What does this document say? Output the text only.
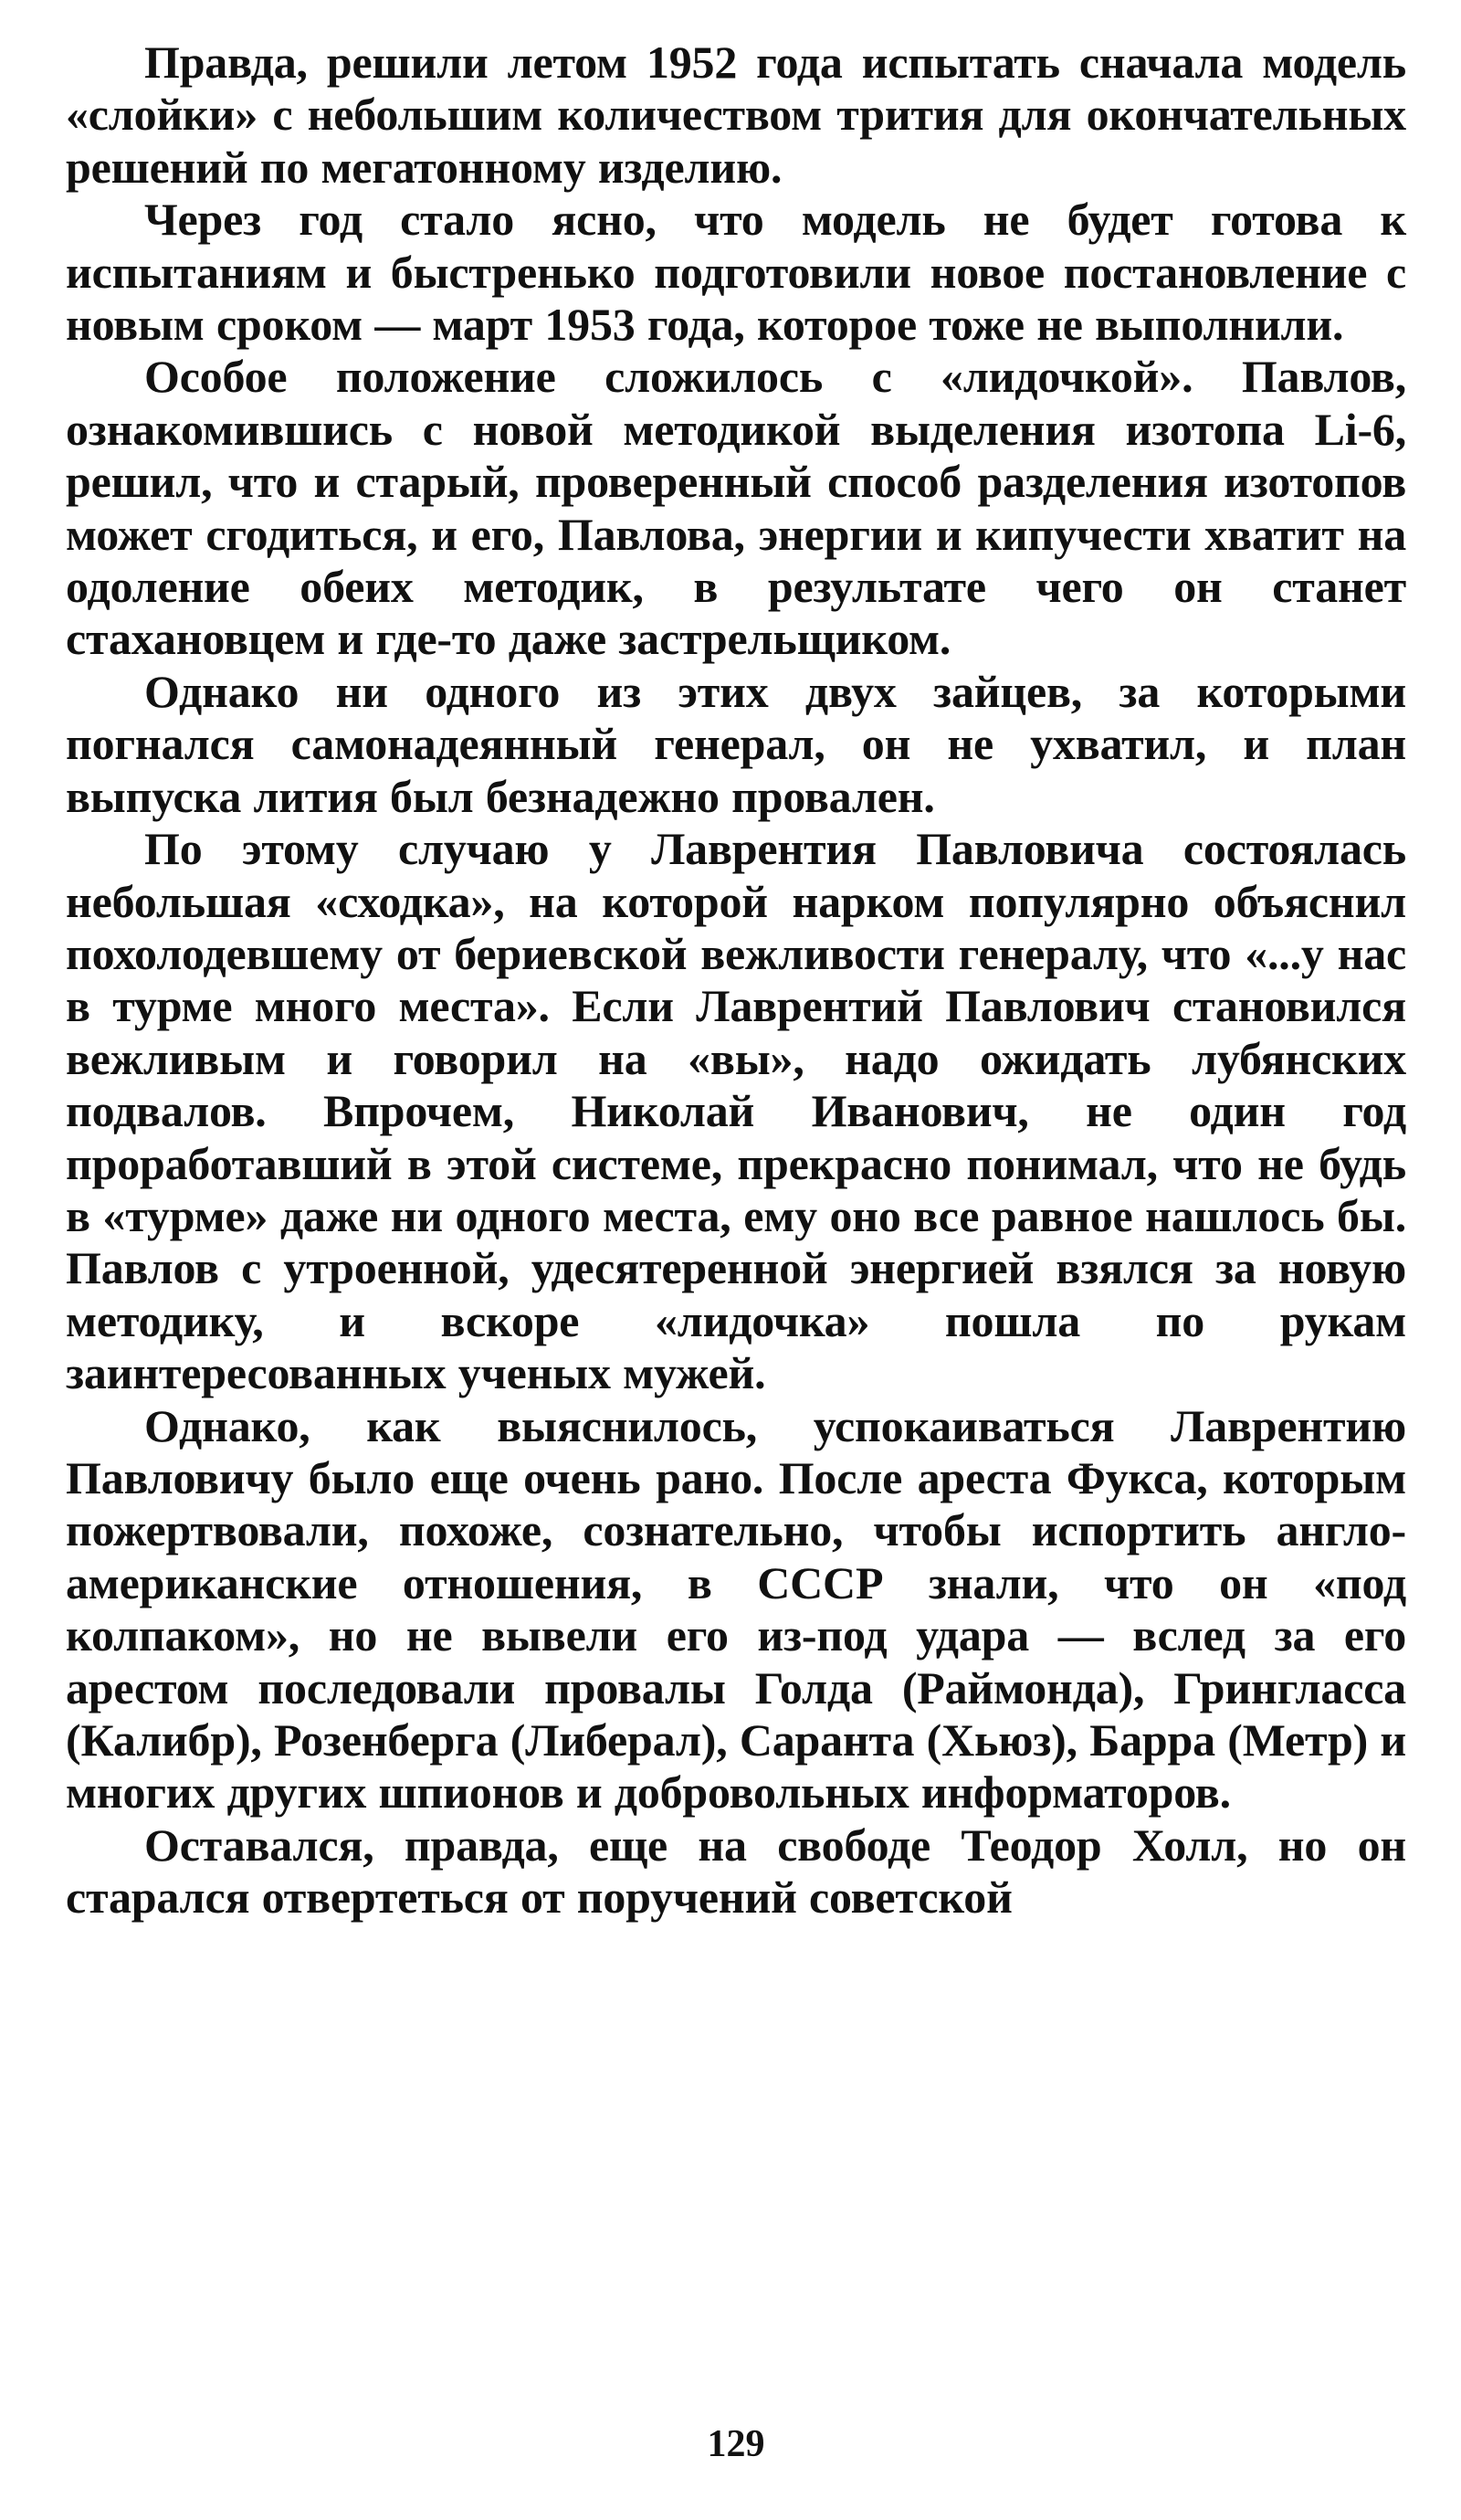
Правда, решили летом 1952 года испытать сначала модель «слойки» с небольшим количеством трития для окончательных решений по мегатонному изделию.

Через год стало ясно, что модель не будет готова к испытаниям и быстренько подготовили новое постановление с новым сроком — март 1953 года, которое тоже не выполнили.

Особое положение сложилось с «лидочкой». Павлов, ознакомившись с новой методикой выделения изотопа Li-6, решил, что и старый, проверенный способ разделения изотопов может сгодиться, и его, Павлова, энергии и кипучести хватит на одоление обеих методик, в результате чего он станет стахановцем и где-то даже застрельщиком.

Однако ни одного из этих двух зайцев, за которыми погнался самонадеянный генерал, он не ухватил, и план выпуска лития был безнадежно провален.

По этому случаю у Лаврентия Павловича состоялась небольшая «сходка», на которой нарком популярно объяснил похолодевшему от бериевской вежливости генералу, что «...у нас в турме много места». Если Лаврентий Павлович становился вежливым и говорил на «вы», надо ожидать лубянских подвалов. Впрочем, Николай Иванович, не один год проработавший в этой системе, прекрасно понимал, что не будь в «турме» даже ни одного места, ему оно все равное нашлось бы. Павлов с утроенной, удесятеренной энергией взялся за новую методику, и вскоре «лидочка» пошла по рукам заинтересованных ученых мужей.

Однако, как выяснилось, успокаиваться Лаврентию Павловичу было еще очень рано. После ареста Фукса, которым пожертвовали, похоже, сознательно, чтобы испортить англо-американские отношения, в СССР знали, что он «под колпаком», но не вывели его из-под удара — вслед за его арестом последовали провалы Голда (Раймонда), Гринглассa (Калибр), Розенберга (Либерал), Саранта (Хьюз), Барра (Метр) и многих других шпионов и добровольных информаторов.

Оставался, правда, еще на свободе Теодор Холл, но он старался отвертеться от поручений советской

129
